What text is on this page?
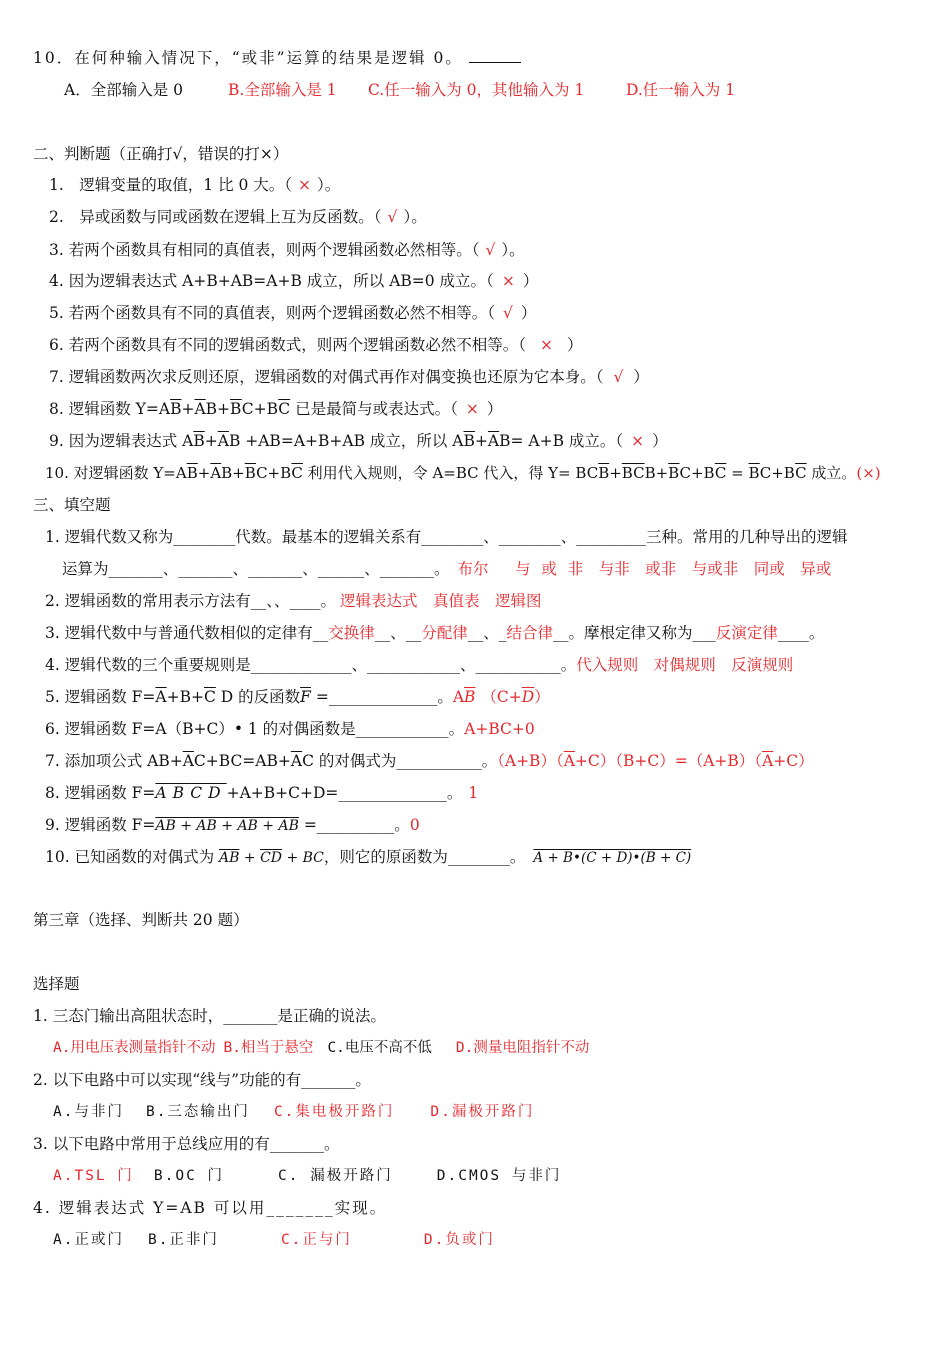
10．在何种输入情况下，“或非”运算的结果是逻辑 0。
A．全部输入是 0	B.全部输入是 1 C.任一输入为 0，其他输入为 1	D.任一输入为 1
二、判断题（正确打√，错误的打×）
1.　逻辑变量的取值，1 比 0 大。（ × ）。
2.　异或函数与同或函数在逻辑上互为反函数。（ √ ）。
3. 若两个函数具有相同的真值表，则两个逻辑函数必然相等。（ √ ）。
4. 因为逻辑表达式 A+B+AB=A+B 成立，所以 AB=0 成立。（ × ）
5. 若两个函数具有不同的真值表，则两个逻辑函数必然不相等。（ √ ）
6. 若两个函数具有不同的逻辑函数式，则两个逻辑函数必然不相等。（ × ）
7. 逻辑函数两次求反则还原，逻辑函数的对偶式再作对偶变换也还原为它本身。（ √ ）
8. 逻辑函数 $Y=A\overline{B}+\overline{A}B+\overline{B}C+B\overline{C}$ 已是最简与或表达式。（ × ）
9. 因为逻辑表达式 $A\overline{B}+\overline{A}B +AB=A+B+AB$ 成立，所以 $A\overline{B}+\overline{A}B= A+B$ 成立。（ × ）
10. 对逻辑函数 $Y=A\overline{B}+\overline{A}B+\overline{B}C+B\overline{C}$ 利用代入规则，令 A=BC 代入，得 $Y= BC\overline{B}+\overline{BC}B+\overline{B}C+B\overline{C} = \overline{B}C+B\overline{C}$ 成立。(×)
三、填空题
1. 逻辑代数又称为________代数。最基本的逻辑关系有________、________、_________三种。常用的几种导出的逻辑
运算为_______、_______、_______、______、_______。 布尔　 与 或 非　与非　或非　与或非　同或　异或
2. 逻辑函数的常用表示方法有__、、____。 逻辑表达式　真值表　逻辑图
3. 逻辑代数中与普通代数相似的定律有__交换律__、__分配律__、_结合律__。摩根定律又称为___反演定律____。
4. 逻辑代数的三个重要规则是_____________、____________、___________。代入规则　对偶规则　反演规则
5. 逻辑函数 $F=\overline{A}+B+\overline{C}$ D 的反函数$\overline{F}$ =______________。$A\overline{B}$ $(C+\overline{D})$
6. 逻辑函数 F=A（B+C）• 1 的对偶函数是____________。A+BC+0
7. 添加项公式 $AB+\overline{A}C+BC=AB+\overline{A}C$ 的对偶式为___________。$(A+B)(\overline{A}+C)(B+C)=(A+B)(\overline{A}+C)$
8. 逻辑函数 F=ABCD+A+B+C+D=______________。 1
9. 逻辑函数 F=AB + AB + AB + AB =__________。0
10. 已知函数的对偶式为 $\overline{AB} + \overline{CD}$ + BC，则它的原函数为________。 A + B•(C + D)•(B + C)
第三章（选择、判断共 20 题）
选择题
1. 三态门输出高阻状态时，_______是正确的说法。
A.用电压表测量指针不动 B.相当于悬空 C.电压不高不低 D.测量电阻指针不动
2. 以下电路中可以实现“线与”功能的有_______。
A.与非门 B.三态输出门 C.集电极开路门 D.漏极开路门
3. 以下电路中常用于总线应用的有_______。
A.TSL 门 B.OC 门	C. 漏极开路门	D.CMOS 与非门
4. 逻辑表达式 Y=AB 可以用_______实现。
A.正或门 B.正非门	C.正与门	D.负或门
